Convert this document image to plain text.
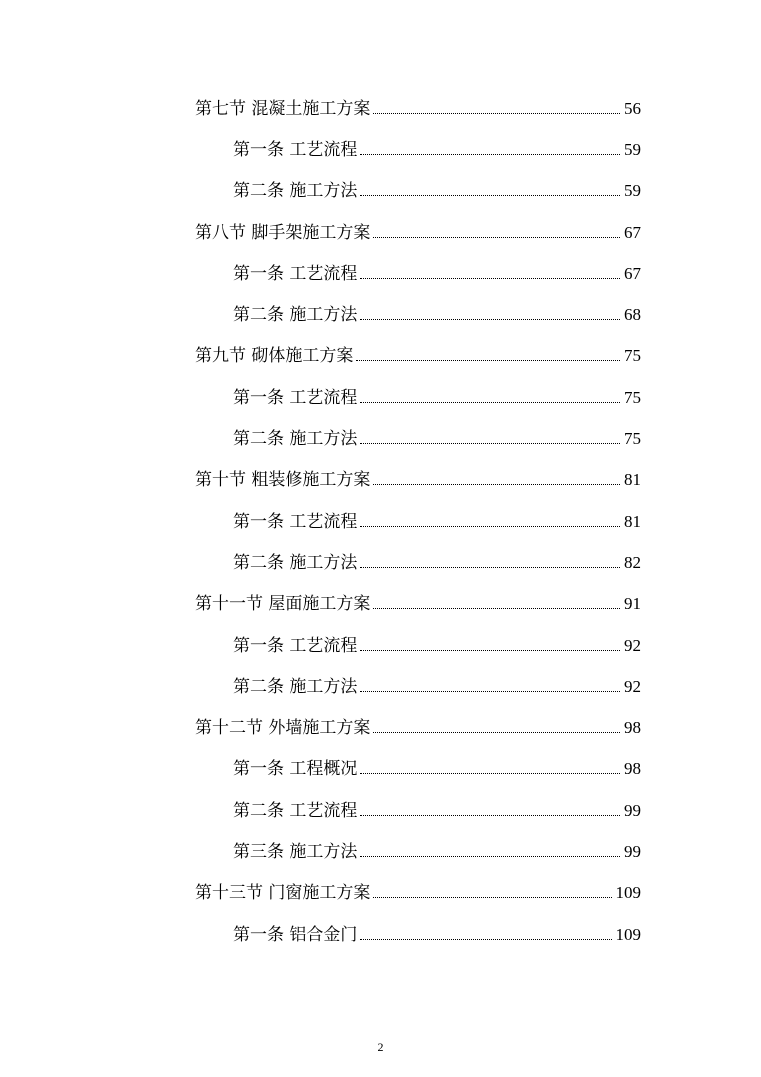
第七节 混凝土施工方案	56
第一条 工艺流程	59
第二条 施工方法	59
第八节 脚手架施工方案	67
第一条 工艺流程	67
第二条 施工方法	68
第九节 砌体施工方案	75
第一条 工艺流程	75
第二条 施工方法	75
第十节 粗装修施工方案	81
第一条 工艺流程	81
第二条 施工方法	82
第十一节 屋面施工方案	91
第一条 工艺流程	92
第二条 施工方法	92
第十二节 外墙施工方案	98
第一条 工程概况	98
第二条 工艺流程	99
第三条 施工方法	99
第十三节 门窗施工方案	109
第一条 铝合金门	109
2
